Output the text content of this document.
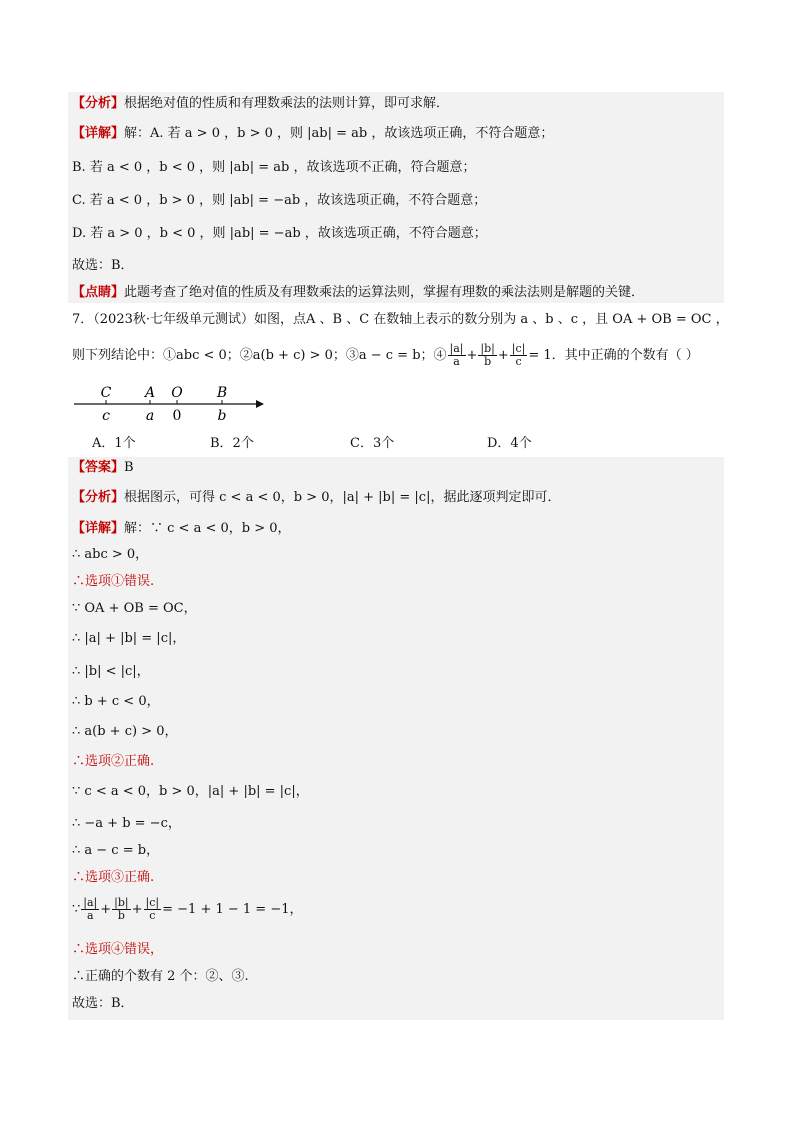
【分析】根据绝对值的性质和有理数乘法的法则计算，即可求解．
【详解】解：A. 若 a > 0 ，b > 0 ，则 |ab| = ab ，故该选项正确，不符合题意；
B. 若 a < 0 ，b < 0 ，则 |ab| = ab ，故该选项不正确，符合题意；
C. 若 a < 0 ，b > 0 ，则 |ab| = −ab ，故该选项正确，不符合题意；
D. 若 a > 0 ，b < 0 ，则 |ab| = −ab ，故该选项正确，不符合题意；
故选：B．
【点睛】此题考查了绝对值的性质及有理数乘法的运算法则，掌握有理数的乘法法则是解题的关键．
7．（2023秋·七年级单元测试）如图，点A 、B 、C 在数轴上表示的数分别为 a 、b 、c ，且 OA + OB = OC ，
则下列结论中：①abc < 0；②a(b + c) > 0；③a − c = b；④ $\frac{|a|}{a} + \frac{|b|}{b} + \frac{|c|}{c} = 1$．其中正确的个数有（ ）
C A O B
c	a 0	b
A．1个	B．2个	C．3个	D．4个
【答案】B
【分析】根据图示，可得 c < a < 0，b > 0，|a| + |b| = |c|，据此逐项判定即可．
【详解】解：∵ c < a < 0，b > 0，
∴ abc > 0，
∴选项①错误.
∵ OA + OB = OC，
∴ |a| + |b| = |c|，
∴ |b| < |c|，
∴ b + c < 0，
∴ a(b + c) > 0，
∴选项②正确.
∵ c < a < 0，b > 0，|a| + |b| = |c|，
∴ −a + b = −c，
∴ a − c = b，
∴选项③正确.
∵ $\frac{|a|}{a} + \frac{|b|}{b} + \frac{|c|}{c} = -1 + 1 - 1 = -1$，
∴选项④错误，
∴正确的个数有 2 个：②、③.
故选：B．
